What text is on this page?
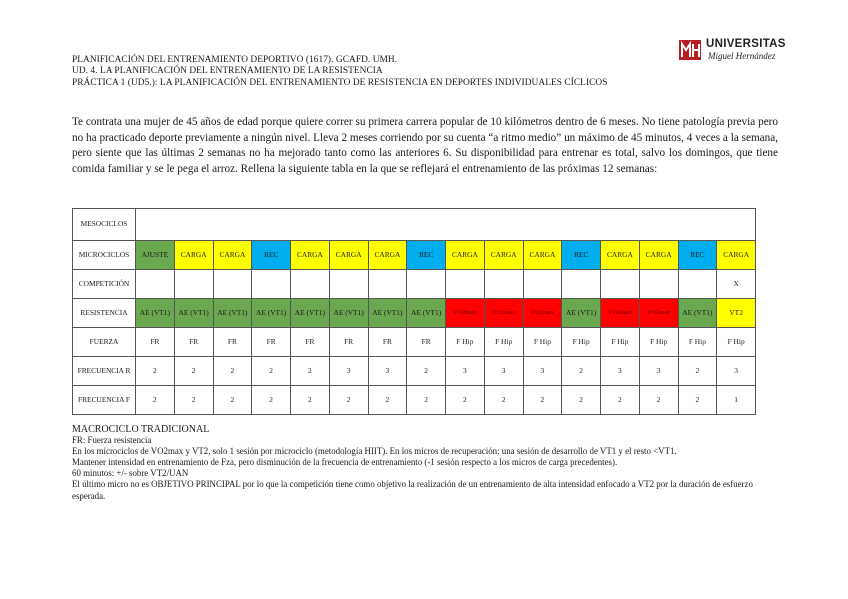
PLANIFICACIÓN DEL ENTRENAMIENTO DEPORTIVO (1617). GCAFD. UMH.
UD. 4. LA PLANIFICACIÓN DEL ENTRENAMIENTO DE LA RESISTENCIA
PRÁCTICA 1 (UD5.): LA PLANIFICACIÓN DEL ENTRENAMIENTO DE RESISTENCIA EN DEPORTES INDIVIDUALES CÍCLICOS
UNIVERSITAS
Miguel Hernández
Te contrata una mujer de 45 años de edad porque quiere correr su primera carrera popular de 10 kilómetros dentro de 6 meses. No tiene patología previa pero no ha practicado deporte previamente a ningún nivel. Lleva 2 meses corriendo por su cuenta “a ritmo medio” un máximo de 45 minutos, 4 veces a la semana, pero siente que las últimas 2 semanas no ha mejorado tanto como las anteriores 6. Su disponibilidad para entrenar es total, salvo los domingos, que tiene comida familiar y se le pega el arroz. Rellena la siguiente tabla en la que se reflejará el entrenamiento de las próximas 12 semanas:
MESOCICLOS																
MICROCICLOS	AJUSTE	CARGA	CARGA	REC	CARGA	CARGA	CARGA	REC	CARGA	CARGA	CARGA	REC	CARGA	CARGA	REC	CARGA
COMPETICIÓN																X
RESISTENCIA	AE (VT1)	AE (VT1)	AE (VT1)	AE (VT1)	AE (VT1)	AE (VT1)	AE (VT1)	AE (VT1)	VO2max	VO2max	VO2max	AE (VT1)	VO2max	VO2max	AE (VT1)	VT2
FUERZA	FR	FR	FR	FR	FR	FR	FR	FR	F Hip	F Hip	F Hip	F Hip	F Hip	F Hip	F Hip	F Hip
FRECUENCIA R	2	2	2	2	2	3	3	2	3	3	3	2	3	3	2	3
FRECUENCIA F	2	2	2	2	2	2	2	2	2	2	2	2	2	2	2	1
MACROCICLO TRADICIONAL
FR: Fuerza resistencia
En los microciclos de VO2max y VT2, solo 1 sesión por microciclo (metodología HIIT). En los micros de recuperación: una sesión de desarrollo de VT1 y el resto <VT1.
Mantener intensidad en entrenamiento de Fza, pero disminución de la frecuencia de entrenamiento (-1 sesión respecto a los micros de carga precedentes).
60 minutos: +/- sobre VT2/UAN
El último micro no es OBJETIVO PRINCIPAL por lo que la competición tiene como objetivo la realización de un entrenamiento de alta intensidad enfocado a VT2 por la duración de esfuerzo esperada.
